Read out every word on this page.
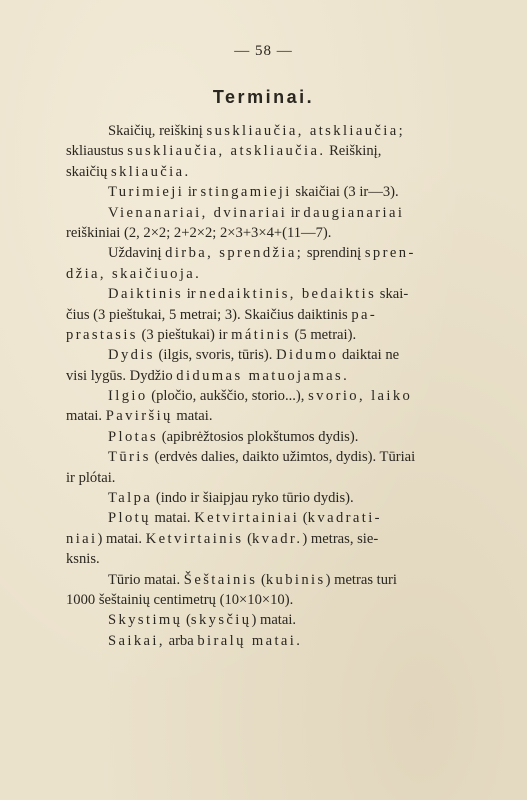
— 58 —
Terminai.
Skaičių, reiškinį suskliaučia, atskliaučia;
skliaustus suskliaučia, atskliaučia. Reiškinį,
skaičių skliaučia.
Turimieji ir stingamieji skaičiai (3 ir—3).
Vienanariai, dvinariai ir daugianariai
reiškiniai (2, 2×2; 2+2×2; 2×3+3×4+(11—7).
Uždavinį dirba, sprendžia; sprendinį spren-
džia, skaičiuoja.
Daiktinis ir nedaiktinis, bedaiktis skai-
čius (3 pieštukai, 5 metrai; 3). Skaičius daiktinis pa-
prastasis (3 pieštukai) ir mátinis (5 metrai).
Dydis (ilgis, svoris, tūris). Didumo daiktai ne
visi lygūs. Dydžio didumas matuojamas.
Ilgio (pločio, aukščio, storio...), svorio, laiko
matai. Paviršių matai.
Plotas (apibrėžtosios plokštumos dydis).
Tūris (erdvės dalies, daikto užimtos, dydis). Tūriai
ir plótai.
Talpa (indo ir šiaipjau ryko tūrio dydis).
Plotų matai. Ketvirtainiai (kvadrati-
niai) matai. Ketvirtainis (kvadr.) metras, sie-
ksnis.
Tūrio matai. Šeštainis (kubinis) metras turi
1000 šeštainių centimetrų (10×10×10).
Skystimų (skysčių) matai.
Saikai, arba biralų matai.
